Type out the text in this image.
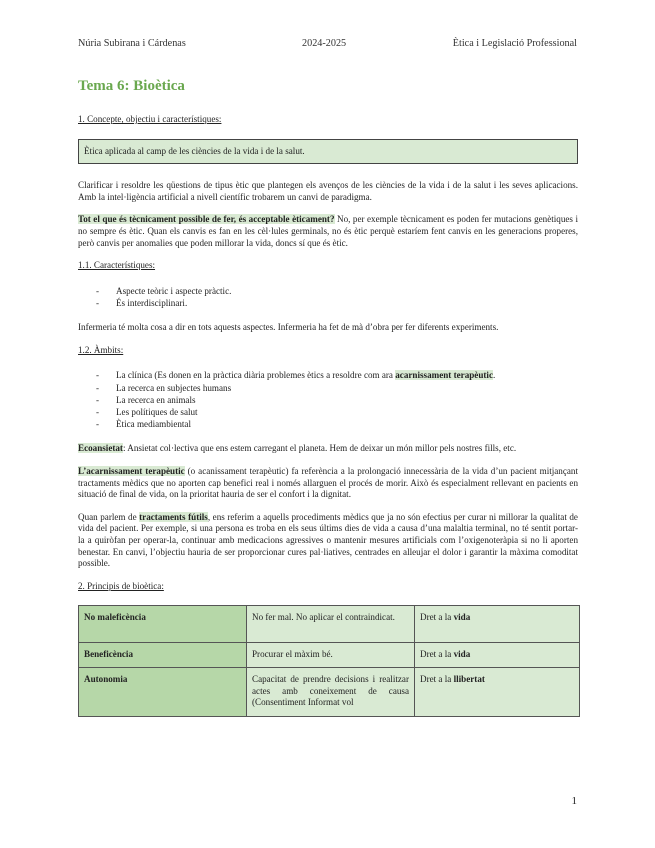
Núria Subirana i Cárdenas	2024-2025	Ètica i Legislació Professional
Tema 6: Bioètica
1. Concepte, objectiu i característiques:
Ètica aplicada al camp de les ciències de la vida i de la salut.

Clarificar i resoldre les qüestions de tipus ètic que plantegen els avenços de les ciències de la vida i de la salut i les seves aplicacions. Amb la intel·ligència artificial a nivell científic trobarem un canvi de paradigma.

Tot el que és tècnicament possible de fer, és acceptable èticament? No, per exemple tècnicament es poden fer mutacions genètiques i no sempre és ètic. Quan els canvis es fan en les cèl·lules germinals, no és ètic perquè estaríem fent canvis en les generacions properes, però canvis per anomalies que poden millorar la vida, doncs sí que és ètic.

1.1. Característiques:
- Aspecte teòric i aspecte pràctic.
- És interdisciplinari.

Infermeria té molta cosa a dir en tots aquests aspectes. Infermeria ha fet de mà d’obra per fer diferents experiments.

1.2. Àmbits:
- La clínica (Es donen en la pràctica diària problemes ètics a resoldre com ara acarnissament terapèutic.
- La recerca en subjectes humans
- La recerca en animals
- Les polítiques de salut
- Ètica mediambiental

Ecoansietat: Ansietat col·lectiva que ens estem carregant el planeta. Hem de deixar un món millor pels nostres fills, etc.

L’acarnissament terapèutic (o acanissament terapèutic) fa referència a la prolongació innecessària de la vida d’un pacient mitjançant tractaments mèdics que no aporten cap benefici real i només allarguen el procés de morir. Això és especialment rellevant en pacients en situació de final de vida, on la prioritat hauria de ser el confort i la dignitat.

Quan parlem de tractaments fútils, ens referim a aquells procediments mèdics que ja no són efectius per curar ni millorar la qualitat de vida del pacient. Per exemple, si una persona es troba en els seus últims dies de vida a causa d’una malaltia terminal, no té sentit portar-la a quiròfan per operar-la, continuar amb medicacions agressives o mantenir mesures artificials com l’oxigenoteràpia si no li aporten benestar. En canvi, l’objectiu hauria de ser proporcionar cures pal·liatives, centrades en alleujar el dolor i garantir la màxima comoditat possible.

2. Principis de bioètica:
No maleficència	No fer mal. No aplicar el contraindicat.	Dret a la vida
Beneficència	Procurar el màxim bé.	Dret a la vida
Autonomia	Capacitat de prendre decisions i realitzar actes amb coneixement de causa (Consentiment Informat vol	Dret a la llibertat
1
